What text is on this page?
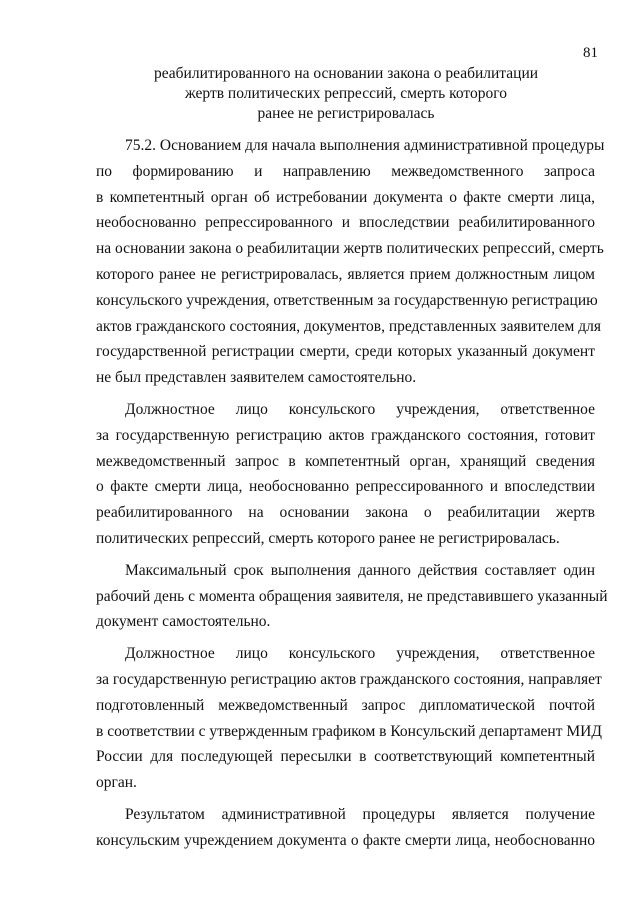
81
реабилитированного на основании закона о реабилитации
жертв политических репрессий, смерть которого
ранее не регистрировалась
75.2. Основанием для начала выполнения административной процедуры
по формированию и направлению межведомственного запроса
в компетентный орган об истребовании документа о факте смерти лица,
необоснованно репрессированного и впоследствии реабилитированного
на основании закона о реабилитации жертв политических репрессий, смерть
которого ранее не регистрировалась, является прием должностным лицом
консульского учреждения, ответственным за государственную регистрацию
актов гражданского состояния, документов, представленных заявителем для
государственной регистрации смерти, среди которых указанный документ
не был представлен заявителем самостоятельно.
Должностное лицо консульского учреждения, ответственное
за государственную регистрацию актов гражданского состояния, готовит
межведомственный запрос в компетентный орган, хранящий сведения
о факте смерти лица, необоснованно репрессированного и впоследствии
реабилитированного на основании закона о реабилитации жертв
политических репрессий, смерть которого ранее не регистрировалась.
Максимальный срок выполнения данного действия составляет один
рабочий день с момента обращения заявителя, не представившего указанный
документ самостоятельно.
Должностное лицо консульского учреждения, ответственное
за государственную регистрацию актов гражданского состояния, направляет
подготовленный межведомственный запрос дипломатической почтой
в соответствии с утвержденным графиком в Консульский департамент МИД
России для последующей пересылки в соответствующий компетентный
орган.
Результатом административной процедуры является получение
консульским учреждением документа о факте смерти лица, необоснованно
